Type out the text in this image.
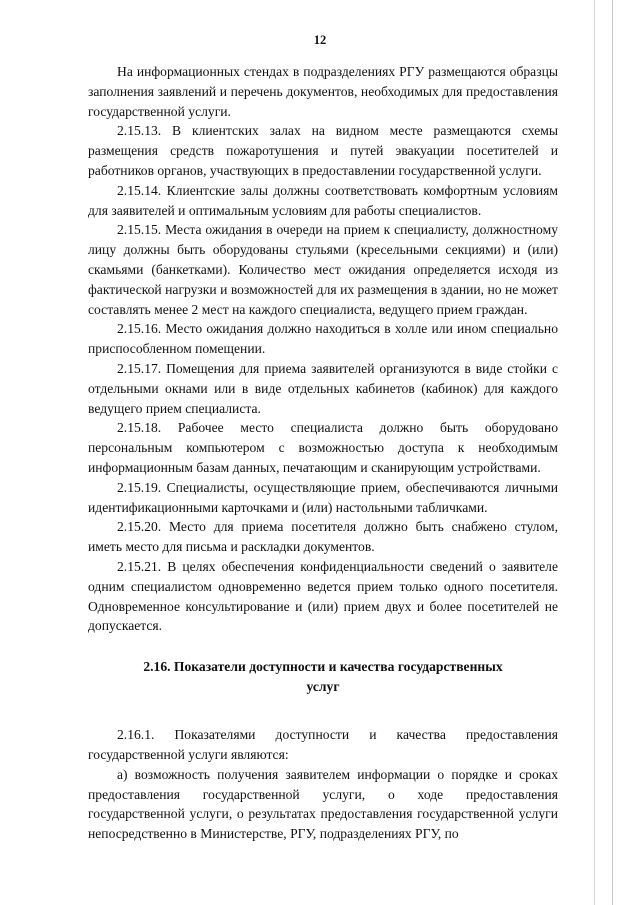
12

На информационных стендах в подразделениях РГУ размещаются образцы заполнения заявлений и перечень документов, необходимых для предоставления государственной услуги.

2.15.13. В клиентских залах на видном месте размещаются схемы размещения средств пожаротушения и путей эвакуации посетителей и работников органов, участвующих в предоставлении государственной услуги.

2.15.14. Клиентские залы должны соответствовать комфортным условиям для заявителей и оптимальным условиям для работы специалистов.

2.15.15. Места ожидания в очереди на прием к специалисту, должностному лицу должны быть оборудованы стульями (кресельными секциями) и (или) скамьями (банкетками). Количество мест ожидания определяется исходя из фактической нагрузки и возможностей для их размещения в здании, но не может составлять менее 2 мест на каждого специалиста, ведущего прием граждан.

2.15.16. Место ожидания должно находиться в холле или ином специально приспособленном помещении.

2.15.17. Помещения для приема заявителей организуются в виде стойки с отдельными окнами или в виде отдельных кабинетов (кабинок) для каждого ведущего прием специалиста.

2.15.18. Рабочее место специалиста должно быть оборудовано персональным компьютером с возможностью доступа к необходимым информационным базам данных, печатающим и сканирующим устройствами.

2.15.19. Специалисты, осуществляющие прием, обеспечиваются личными идентификационными карточками и (или) настольными табличками.

2.15.20. Место для приема посетителя должно быть снабжено стулом, иметь место для письма и раскладки документов.

2.15.21. В целях обеспечения конфиденциальности сведений о заявителе одним специалистом одновременно ведется прием только одного посетителя. Одновременное консультирование и (или) прием двух и более посетителей не допускается.

2.16. Показатели доступности и качества государственных услуг

2.16.1. Показателями доступности и качества предоставления государственной услуги являются:

а) возможность получения заявителем информации о порядке и сроках предоставления государственной услуги, о ходе предоставления государственной услуги, о результатах предоставления государственной услуги непосредственно в Министерстве, РГУ, подразделениях РГУ, по
